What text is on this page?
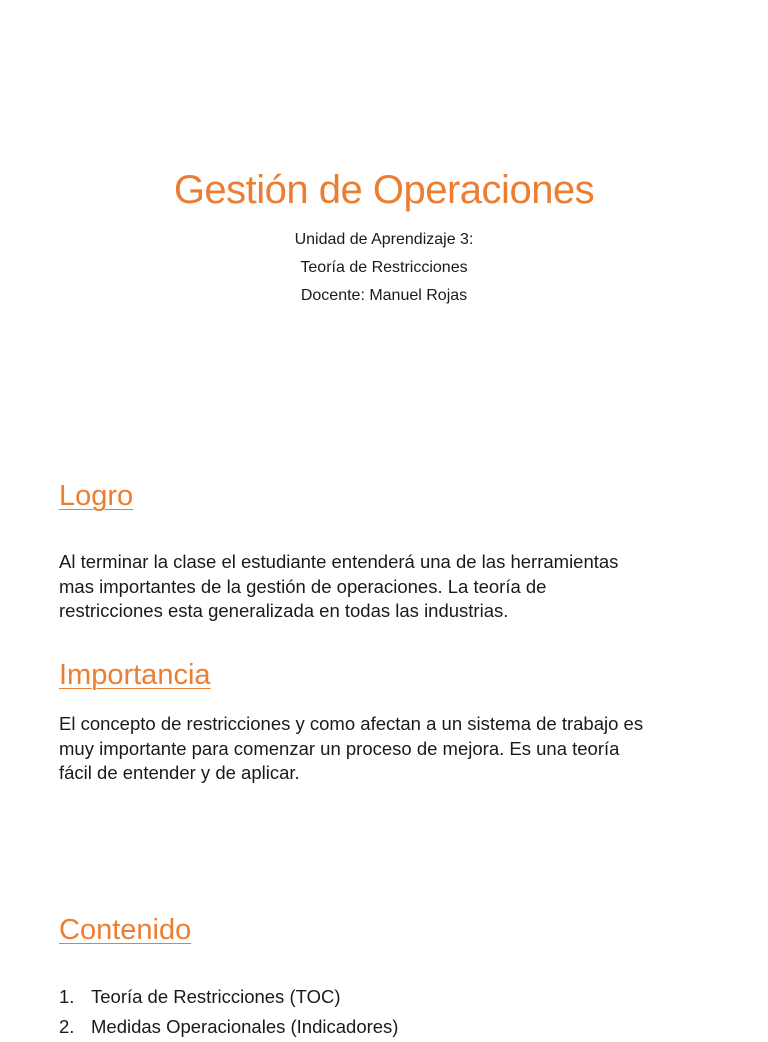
Gestión de Operaciones

Unidad de Aprendizaje 3:

Teoría de Restricciones

Docente: Manuel Rojas

Logro
Al terminar la clase el estudiante entenderá una de las herramientas
mas importantes de la gestión de operaciones. La teoría de
restricciones esta generalizada en todas las industrias.
Importancia
El concepto de restricciones y como afectan a un sistema de trabajo es
muy importante para comenzar un proceso de mejora. Es una teoría
fácil de entender y de aplicar.
Contenido
1. Teoría de Restricciones (TOC)
2. Medidas Operacionales (Indicadores)
